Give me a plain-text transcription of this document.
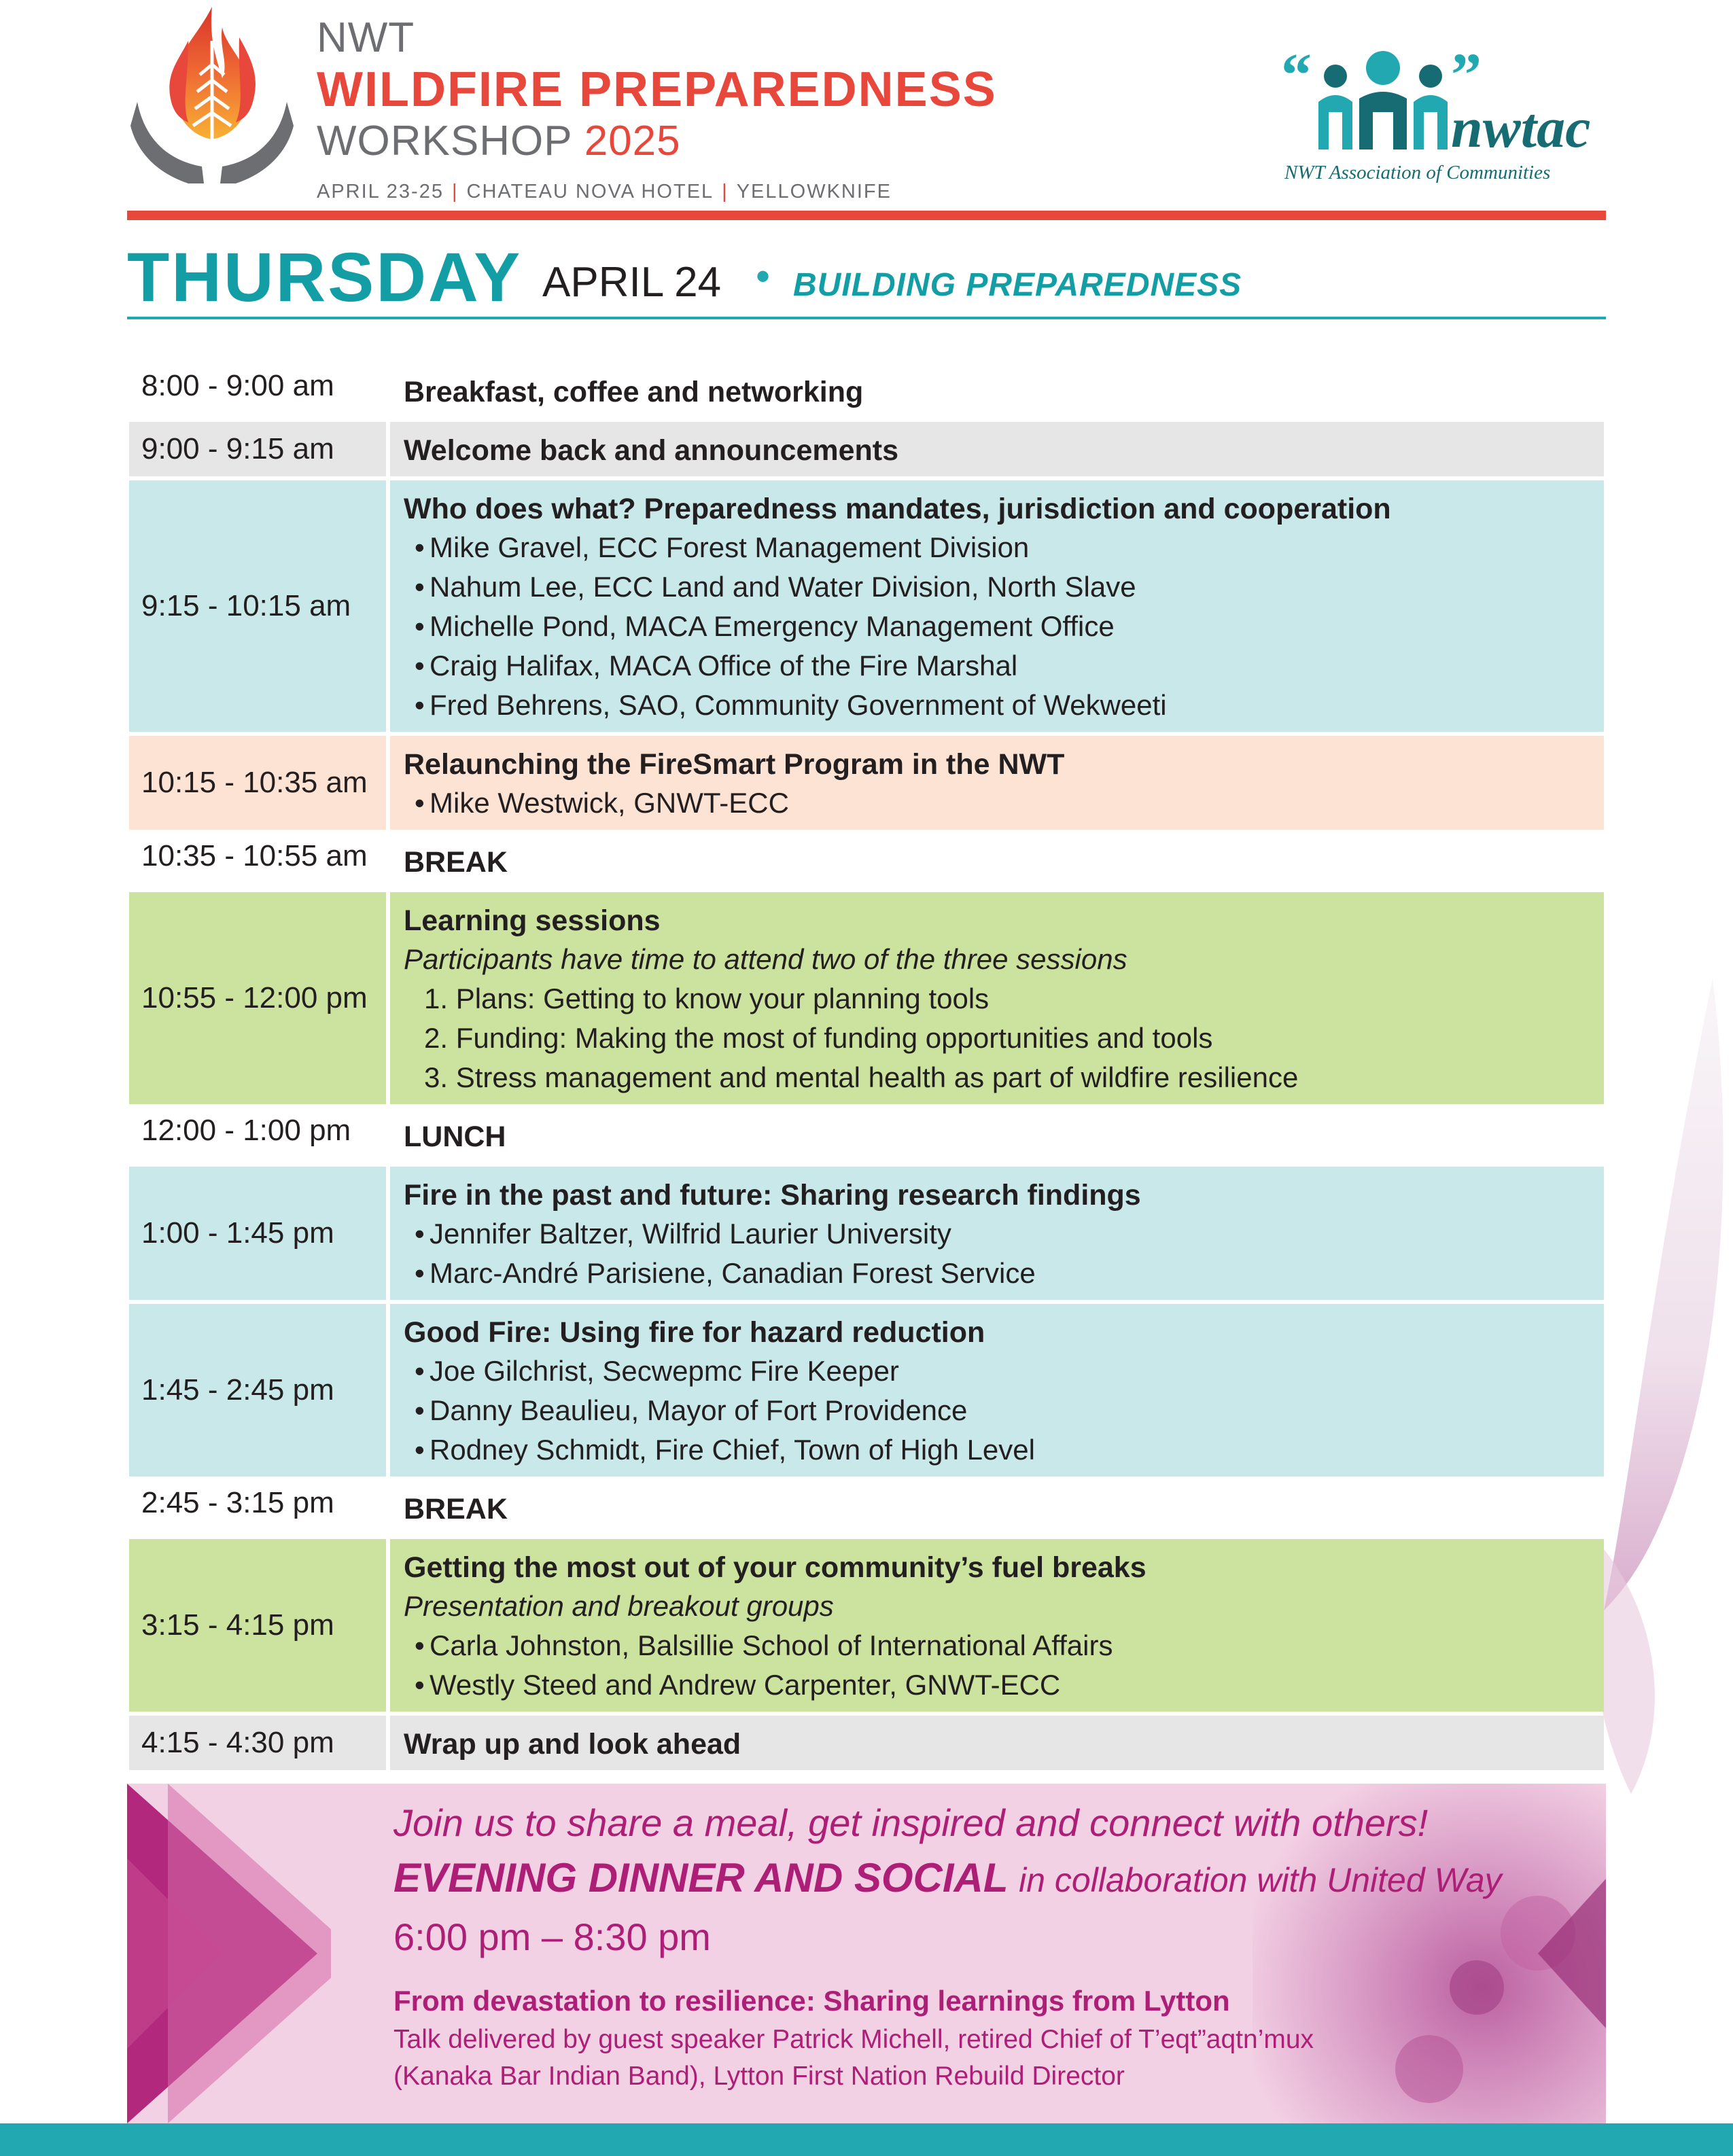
NWT
WILDFIRE PREPAREDNESS
WORKSHOP 2025
APRIL 23-25 | CHATEAU NOVA HOTEL | YELLOWKNIFE
“ ”
nwtac
NWT Association of Communities
THURSDAY APRIL 24 • BUILDING PREPAREDNESS
8:00 - 9:00 am	Breakfast, coffee and networking
9:00 - 9:15 am	Welcome back and announcements
9:15 - 10:15 am
Who does what? Preparedness mandates, jurisdiction and cooperation
• Mike Gravel, ECC Forest Management Division
• Nahum Lee, ECC Land and Water Division, North Slave
• Michelle Pond, MACA Emergency Management Office
• Craig Halifax, MACA Office of the Fire Marshal
• Fred Behrens, SAO, Community Government of Wekweeti
10:15 - 10:35 am
Relaunching the FireSmart Program in the NWT
• Mike Westwick, GNWT-ECC
10:35 - 10:55 am	BREAK
10:55 - 12:00 pm
Learning sessions
Participants have time to attend two of the three sessions
1. Plans: Getting to know your planning tools
2. Funding: Making the most of funding opportunities and tools
3. Stress management and mental health as part of wildfire resilience
12:00 - 1:00 pm	LUNCH
1:00 - 1:45 pm
Fire in the past and future: Sharing research findings
• Jennifer Baltzer, Wilfrid Laurier University
• Marc-André Parisiene, Canadian Forest Service
1:45 - 2:45 pm
Good Fire: Using fire for hazard reduction
• Joe Gilchrist, Secwepmc Fire Keeper
• Danny Beaulieu, Mayor of Fort Providence
• Rodney Schmidt, Fire Chief, Town of High Level
2:45 - 3:15 pm	BREAK
3:15 - 4:15 pm
Getting the most out of your community’s fuel breaks
Presentation and breakout groups
• Carla Johnston, Balsillie School of International Affairs
• Westly Steed and Andrew Carpenter, GNWT-ECC
4:15 - 4:30 pm	Wrap up and look ahead
Join us to share a meal, get inspired and connect with others!
EVENING DINNER AND SOCIAL in collaboration with United Way
6:00 pm – 8:30 pm
From devastation to resilience: Sharing learnings from Lytton
Talk delivered by guest speaker Patrick Michell, retired Chief of T’eqt”aqtn’mux
(Kanaka Bar Indian Band), Lytton First Nation Rebuild Director
